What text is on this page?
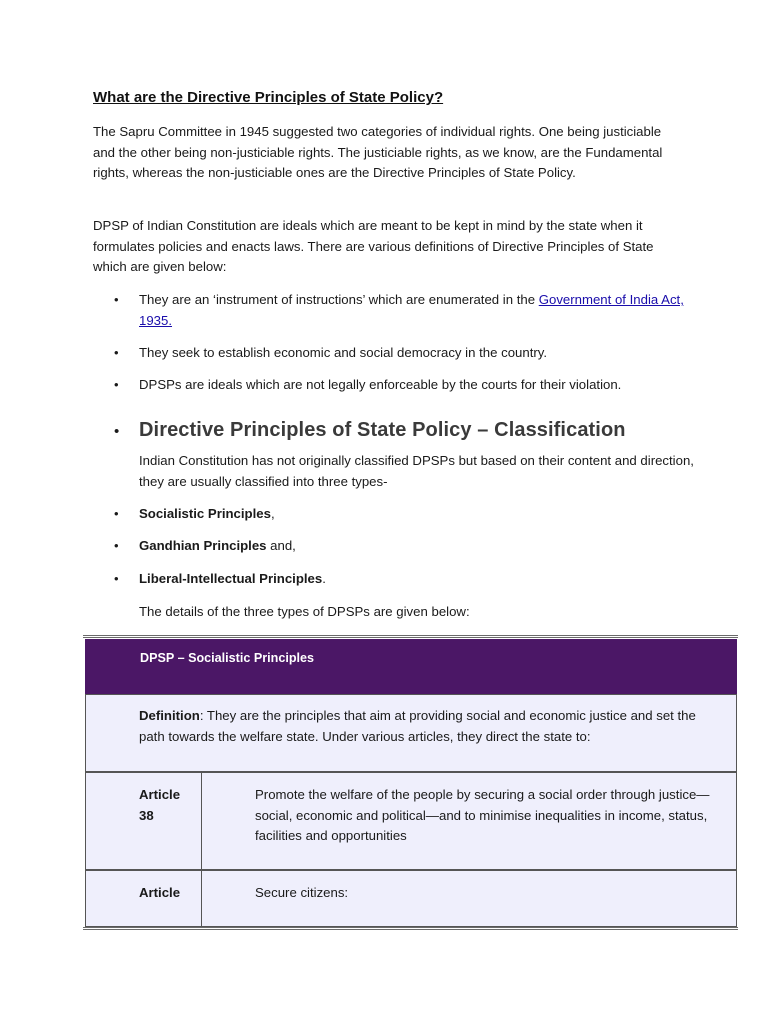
What are the Directive Principles of State Policy?

The Sapru Committee in 1945 suggested two categories of individual rights. One being justiciable and the other being non-justiciable rights. The justiciable rights, as we know, are the Fundamental rights, whereas the non-justiciable ones are the Directive Principles of State Policy.

DPSP of Indian Constitution are ideals which are meant to be kept in mind by the state when it formulates policies and enacts laws. There are various definitions of Directive Principles of State which are given below:

• They are an ‘instrument of instructions’ which are enumerated in the Government of India Act, 1935.
• They seek to establish economic and social democracy in the country.
• DPSPs are ideals which are not legally enforceable by the courts for their violation.
• Directive Principles of State Policy – Classification

Indian Constitution has not originally classified DPSPs but based on their content and direction, they are usually classified into three types-

• Socialistic Principles,
• Gandhian Principles and,
• Liberal-Intellectual Principles.

The details of the three types of DPSPs are given below:

DPSP – Socialistic Principles
Definition: They are the principles that aim at providing social and economic justice and set the path towards the welfare state. Under various articles, they direct the state to:
Article
38
Promote the welfare of the people by securing a social order through justice—social, economic and political—and to minimise inequalities in income, status, facilities and opportunities
Article	Secure citizens:
